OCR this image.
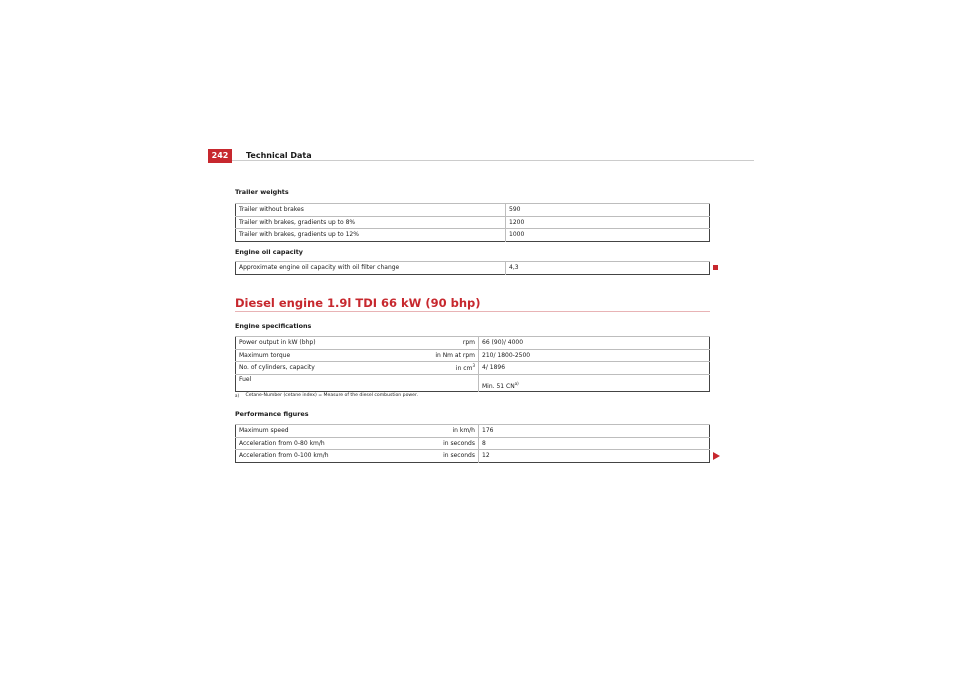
242	Technical Data
Trailer weights
Trailer without brakes	590
Trailer with brakes, gradients up to 8%	1200
Trailer with brakes, gradients up to 12%	1000
Engine oil capacity
Approximate engine oil capacity with oil filter change	4,3
Diesel engine 1.9l TDI 66 kW (90 bhp)
Engine specifications
Power output in kW (bhp)	rpm	66 (90)/ 4000
Maximum torque	in Nm at rpm	210/ 1800-2500
No. of cylinders, capacity	in $cm^3$	4/ 1896
Fuel		Min. 51 CN$^{a)}$
a) Cetane-Number (cetane index) = Measure of the diesel combustion power.
Performance figures
Maximum speed	in km/h	176
Acceleration from 0-80 km/h	in seconds	8
Acceleration from 0-100 km/h	in seconds	12
